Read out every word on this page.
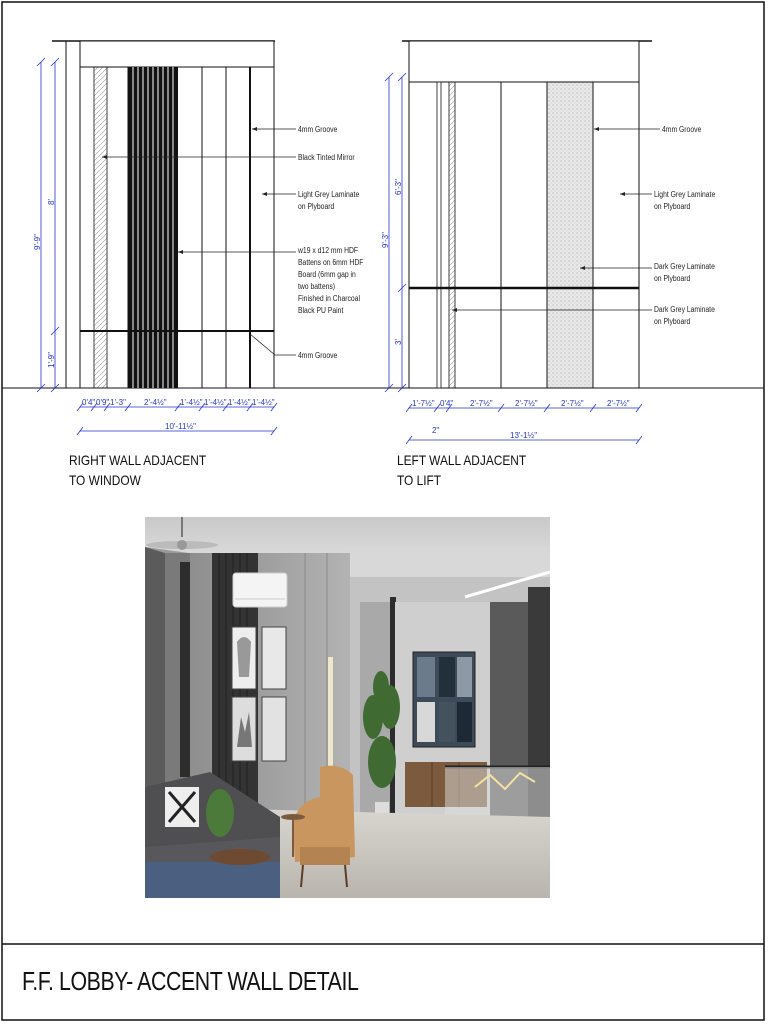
9'-9"
8'
1'-9"
0'4" 0'9" 1'-3" 2'-4½" 1'-4½" 1'-4½" 1'-4½" 1'-4½"
10'-11½"
9'-3"
6'-3"
3'
1'-7½" 0'4" 2'-7½"	2'-7½"	2'-7½"	2'-7½"
2"
13'-1½"
4mm Groove
Black Tinted Mirror
Light Grey Laminate
on Plyboard
w19 x d12 mm HDF
Battens on 6mm HDF
Board (6mm gap in
two battens)
Finished in Charcoal
Black PU Paint
4mm Groove
4mm Groove
Light Grey Laminate
on Plyboard
Dark Grey Laminate
on Plyboard
Dark Grey Laminate
on Plyboard
RIGHT WALL ADJACENT
TO WINDOW
LEFT WALL ADJACENT
TO LIFT
F.F. LOBBY- ACCENT WALL DETAIL
